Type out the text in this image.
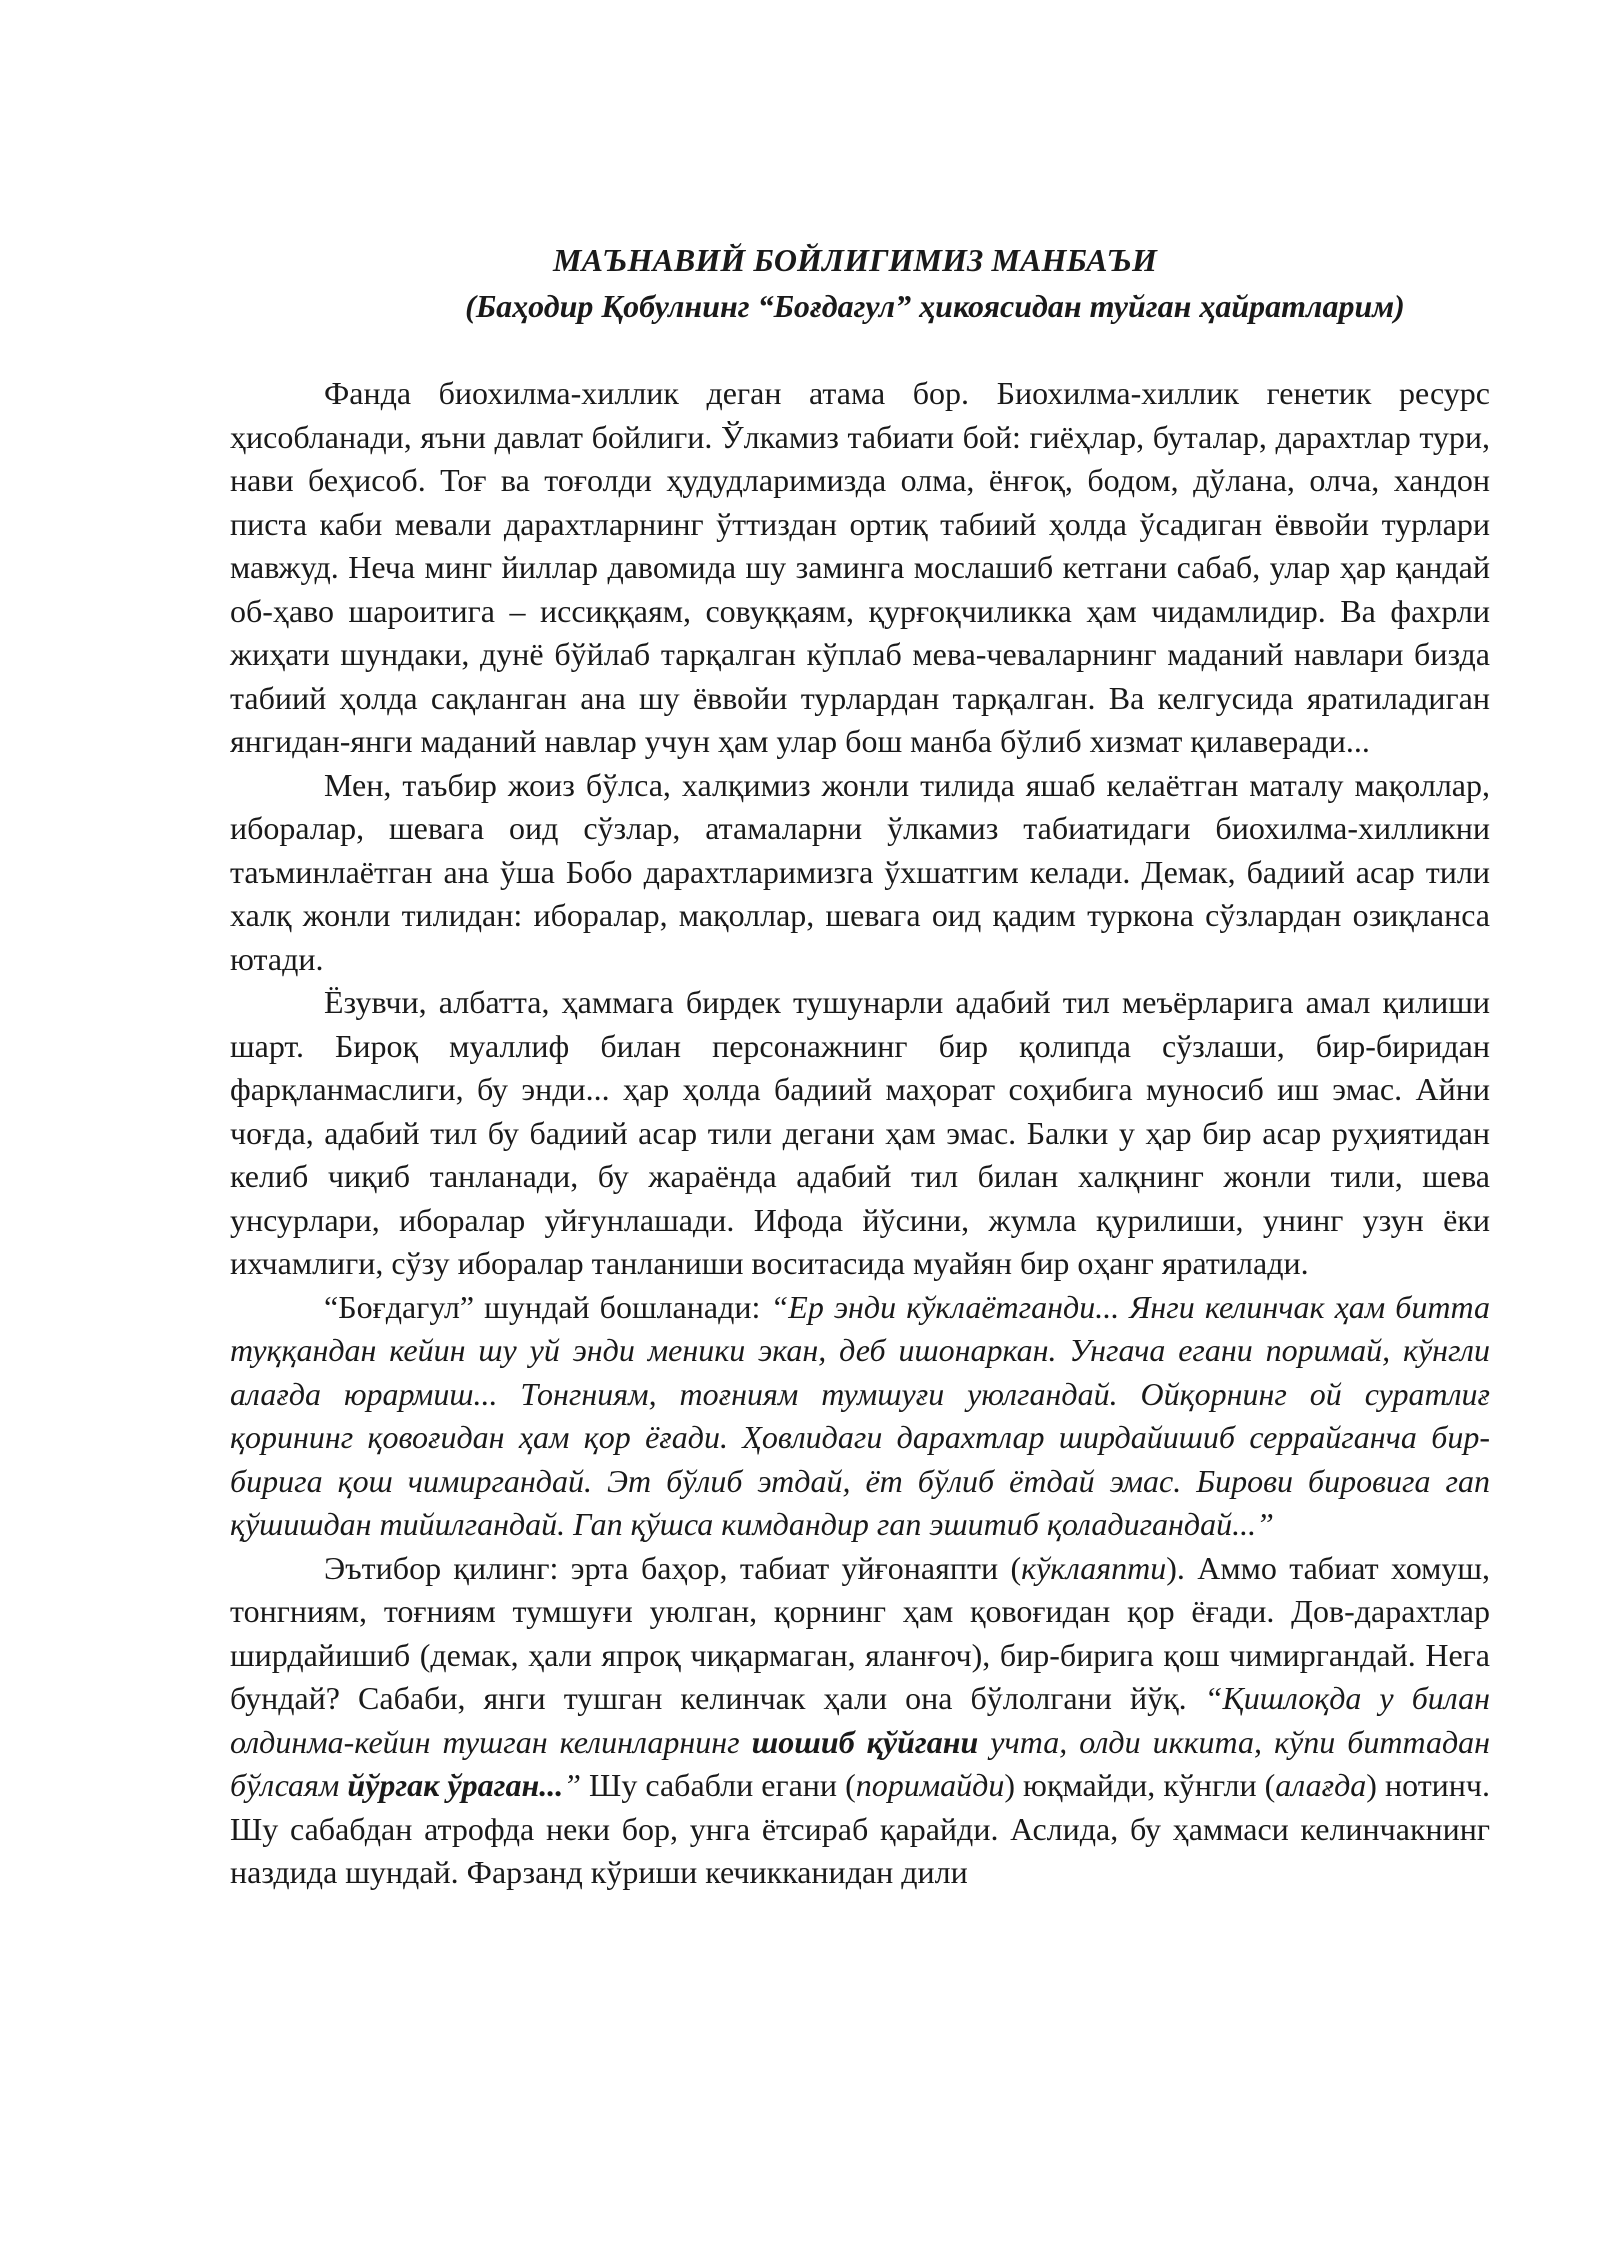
МАЪНАВИЙ БОЙЛИГИМИЗ МАНБАЪИ
(Баҳодир Қобулнинг “Боғдагул” ҳикоясидан туйган ҳайратларим)

Фанда биохилма-хиллик деган атама бор. Биохилма-хиллик генетик ресурс ҳисобланади, яъни давлат бойлиги. Ўлкамиз табиати бой: гиёҳлар, буталар, дарахтлар тури, нави беҳисоб. Тоғ ва тоғолди ҳудудларимизда олма, ёнғоқ, бодом, дўлана, олча, хандон писта каби мевали дарахтларнинг ўттиздан ортиқ табиий ҳолда ўсадиган ёввойи турлари мавжуд. Неча минг йиллар давомида шу заминга мослашиб кетгани сабаб, улар ҳар қандай об-ҳаво шароитига – иссиққаям, совуққаям, қурғоқчиликка ҳам чидамлидир. Ва фахрли жиҳати шундаки, дунё бўйлаб тарқалган кўплаб мева-чеваларнинг маданий навлари бизда табиий ҳолда сақланган ана шу ёввойи турлардан тарқалган. Ва келгусида яратиладиган янгидан-янги маданий навлар учун ҳам улар бош манба бўлиб хизмат қилаверади...

Мен, таъбир жоиз бўлса, халқимиз жонли тилида яшаб келаётган маталу мақоллар, иборалар, шевага оид сўзлар, атамаларни ўлкамиз табиатидаги биохилма-хилликни таъминлаётган ана ўша Бобо дарахтларимизга ўхшатгим келади. Демак, бадиий асар тили халқ жонли тилидан: иборалар, мақоллар, шевага оид қадим туркона сўзлардан озиқланса ютади.

Ёзувчи, албатта, ҳаммага бирдек тушунарли адабий тил меъёрларига амал қилиши шарт. Бироқ муаллиф билан персонажнинг бир қолипда сўзлаши, бир-биридан фарқланмаслиги, бу энди... ҳар ҳолда бадиий маҳорат соҳибига муносиб иш эмас. Айни чоғда, адабий тил бу бадиий асар тили дегани ҳам эмас. Балки у ҳар бир асар руҳиятидан келиб чиқиб танланади, бу жараёнда адабий тил билан халқнинг жонли тили, шева унсурлари, иборалар уйғунлашади. Ифода йўсини, жумла қурилиши, унинг узун ёки ихчамлиги, сўзу иборалар танланиши воситасида муайян бир оҳанг яратилади.

“Боғдагул” шундай бошланади: “Ер энди кўклаётганди... Янги келинчак ҳам битта туққандан кейин шу уй энди меники экан, деб ишонаркан. Унгача егани поримай, кўнгли алағда юрармиш... Тонгниям, тоғниям тумшуғи уюлгандай. Ойқорнинг ой суратлиғ қорининг қовоғидан ҳам қор ёғади. Ҳовлидаги дарахтлар ширдайишиб серрайганча бир-бирига қош чимиргандай. Эт бўлиб этдай, ёт бўлиб ётдай эмас. Бирови бировига гап қўшишдан тийилгандай. Гап қўшса кимдандир гап эшитиб қоладигандай...”

Эътибор қилинг: эрта баҳор, табиат уйғонаяпти (кўклаяпти). Аммо табиат хомуш, тонгниям, тоғниям тумшуғи уюлган, қорнинг ҳам қовоғидан қор ёғади. Дов-дарахтлар ширдайишиб (демак, ҳали япроқ чиқармаган, яланғоч), бир-бирига қош чимиргандай. Нега бундай? Сабаби, янги тушган келинчак ҳали она бўлолгани йўқ. “Қишлоқда у билан олдинма-кейин тушган келинларнинг шошиб қўйгани учта, олди иккита, кўпи биттадан бўлсаям йўргак ўраган...” Шу сабабли егани (поримайди) юқмайди, кўнгли (алағда) нотинч. Шу сабабдан атрофда неки бор, унга ётсираб қарайди. Аслида, бу ҳаммаси келинчакнинг наздида шундай. Фарзанд кўриши кечикканидан дили
